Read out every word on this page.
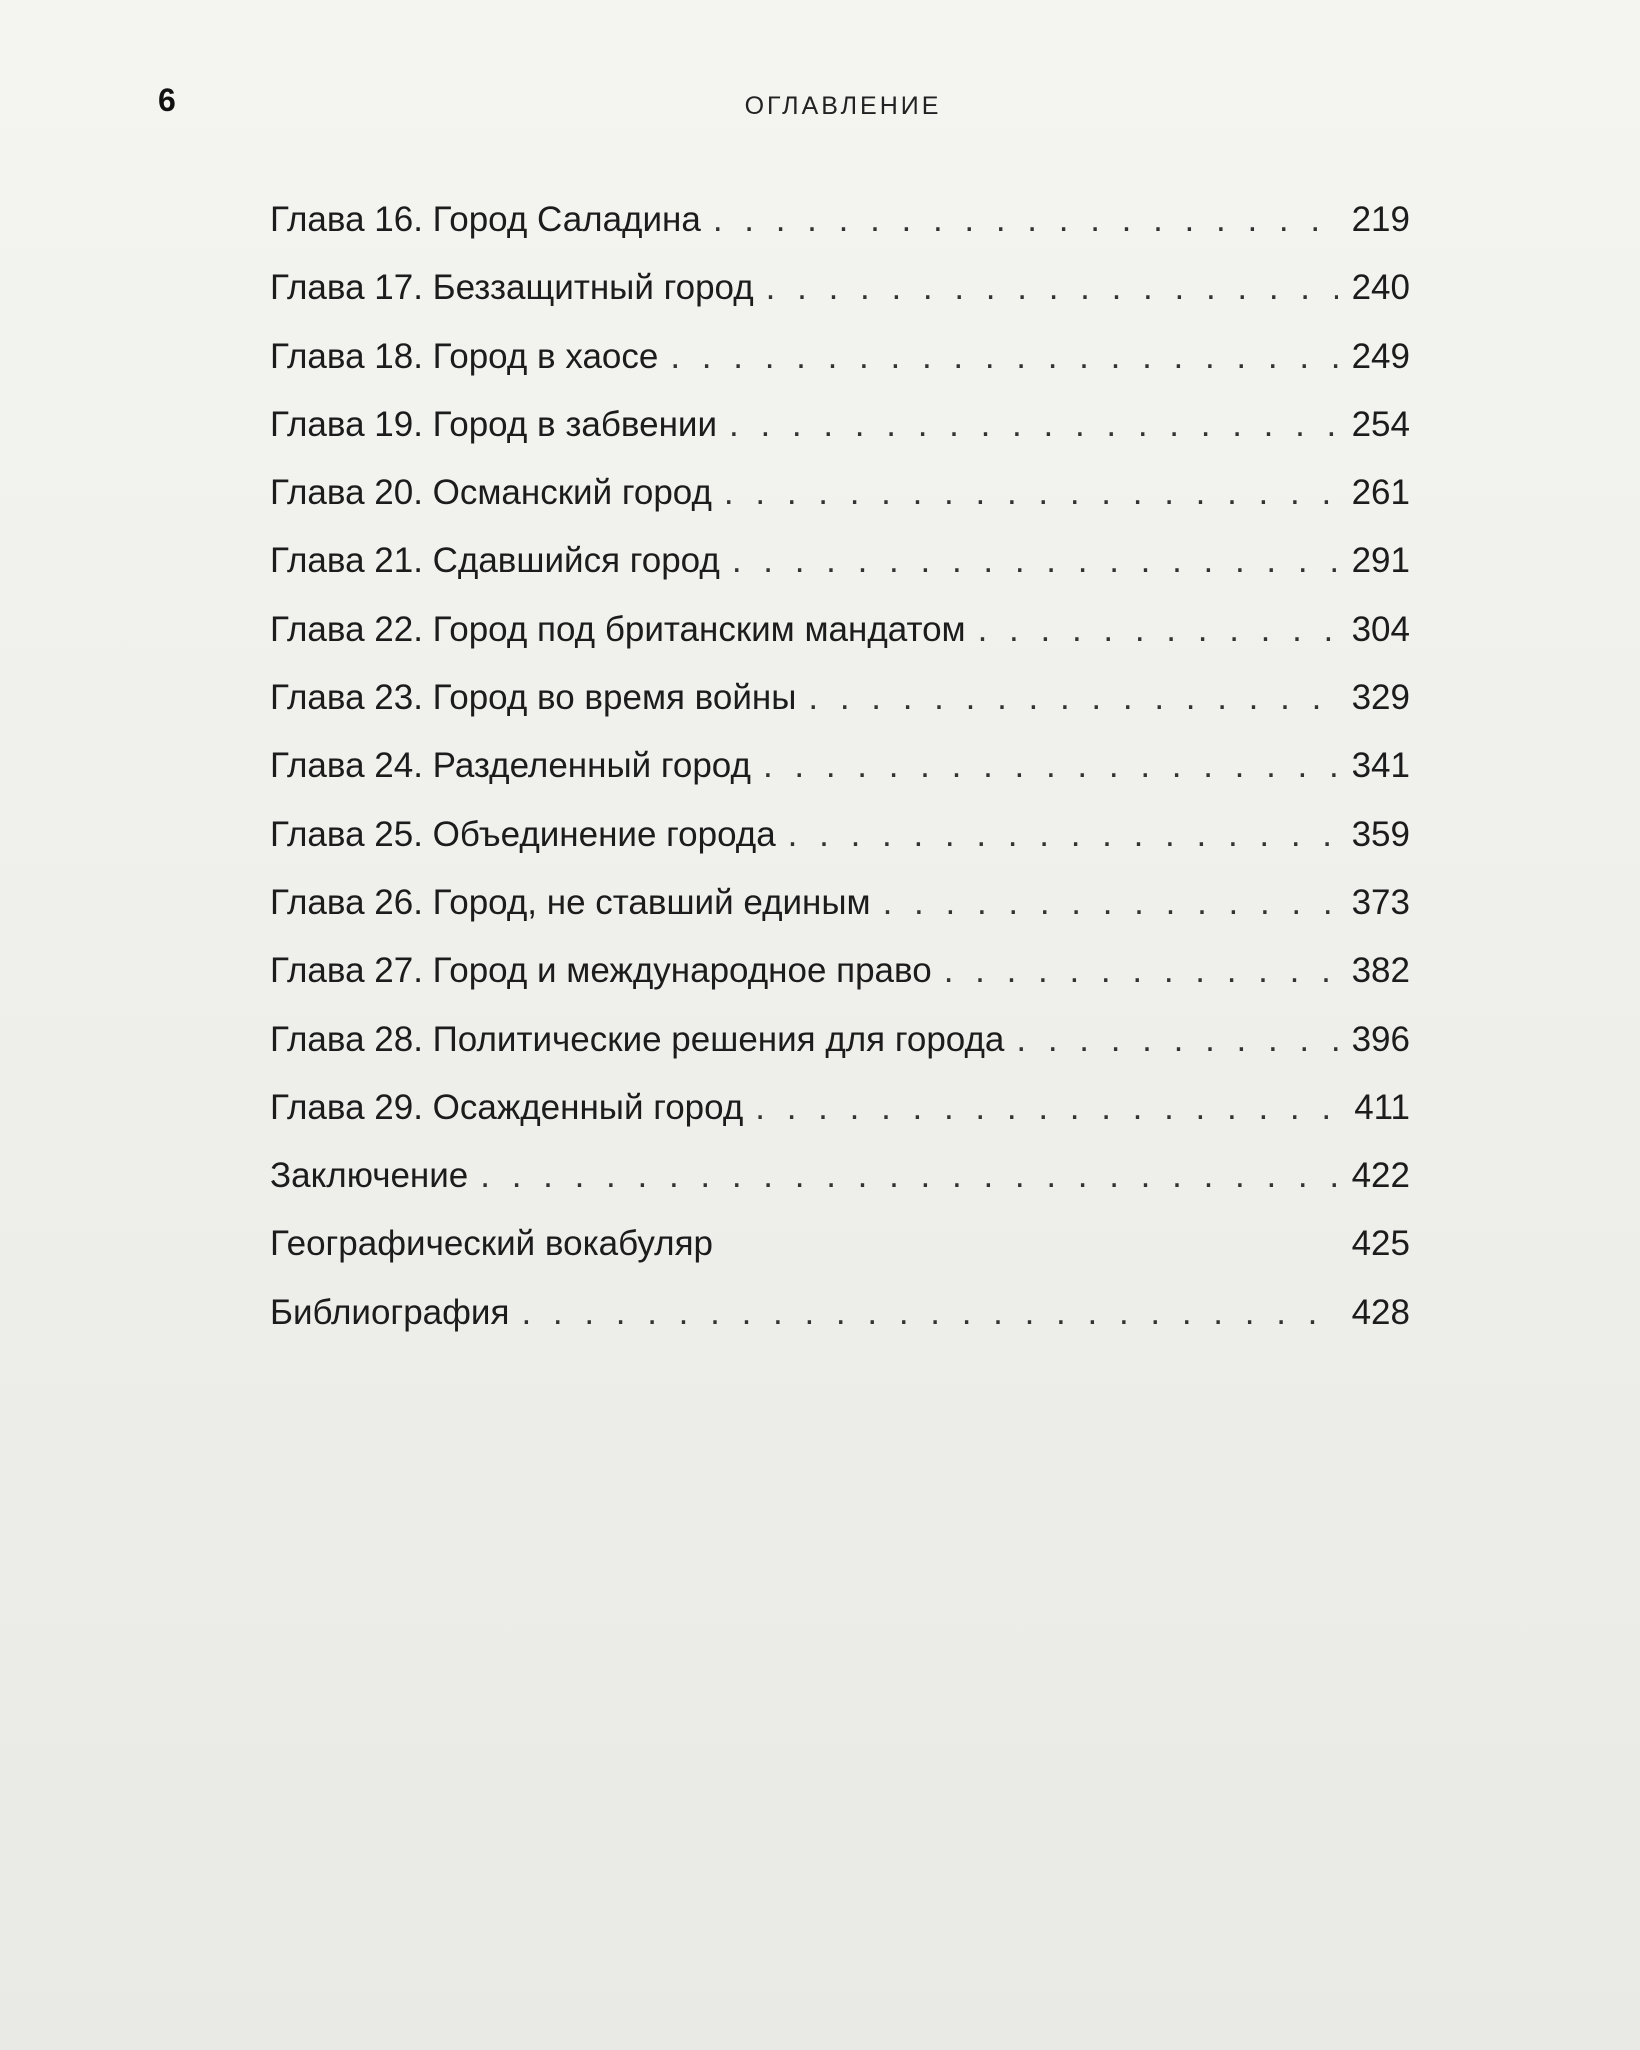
6	ОГЛАВЛЕНИЕ
Глава 16. Город Саладина . . .	219
Глава 17. Беззащитный город . . .	240
Глава 18. Город в хаосе . . .	249
Глава 19. Город в забвении . . .	254
Глава 20. Османский город . . .	261
Глава 21. Сдавшийся город . . .	291
Глава 22. Город под британским мандатом . . .	304
Глава 23. Город во время войны . . .	329
Глава 24. Разделенный город . . .	341
Глава 25. Объединение города . . .	359
Глава 26. Город, не ставший единым . . .	373
Глава 27. Город и международное право . . .	382
Глава 28. Политические решения для города . . .	396
Глава 29. Осажденный город . . .	411
Заключение . . .	422
Географический вокабуляр	425
Библиография . . .	428
